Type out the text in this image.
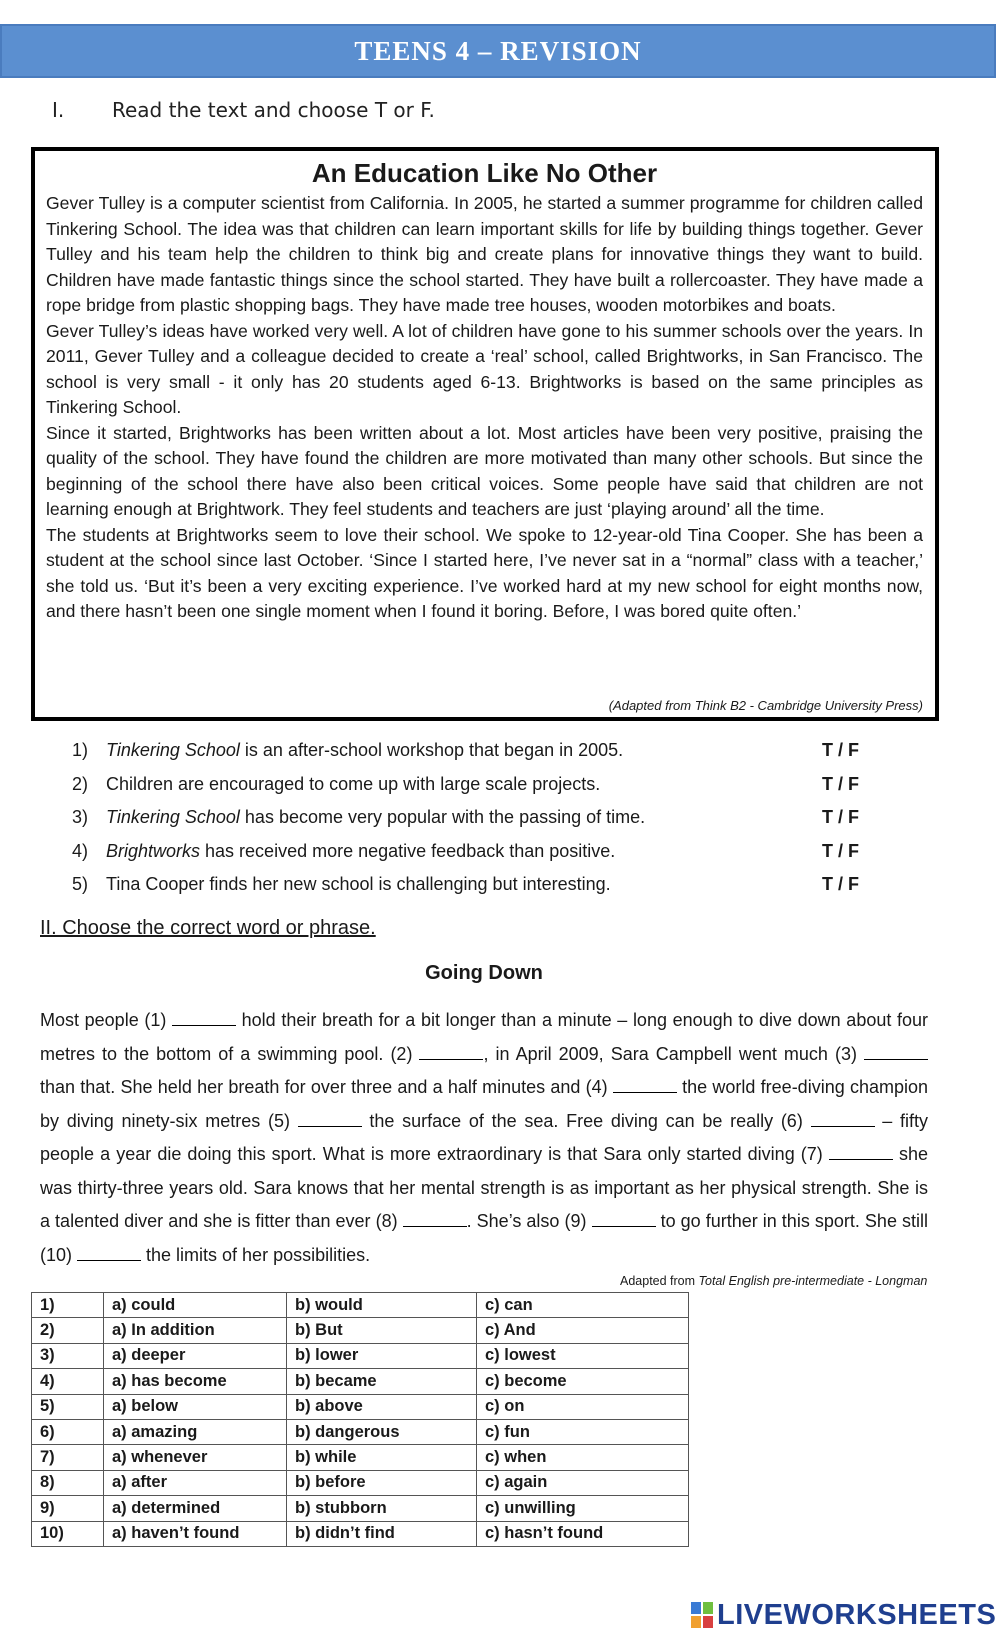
TEENS 4 – REVISION
I. Read the text and choose T or F.
An Education Like No Other

Gever Tulley is a computer scientist from California. In 2005, he started a summer programme for children called Tinkering School. The idea was that children can learn important skills for life by building things together. Gever Tulley and his team help the children to think big and create plans for innovative things they want to build. Children have made fantastic things since the school started. They have built a rollercoaster. They have made a rope bridge from plastic shopping bags. They have made tree houses, wooden motorbikes and boats.

Gever Tulley’s ideas have worked very well. A lot of children have gone to his summer schools over the years. In 2011, Gever Tulley and a colleague decided to create a ‘real’ school, called Brightworks, in San Francisco. The school is very small - it only has 20 students aged 6-13. Brightworks is based on the same principles as Tinkering School.

Since it started, Brightworks has been written about a lot. Most articles have been very positive, praising the quality of the school. They have found the children are more motivated than many other schools. But since the beginning of the school there have also been critical voices. Some people have said that children are not learning enough at Brightwork. They feel students and teachers are just ‘playing around’ all the time.

The students at Brightworks seem to love their school. We spoke to 12-year-old Tina Cooper. She has been a student at the school since last October. ‘Since I started here, I’ve never sat in a “normal” class with a teacher,’ she told us. ‘But it’s been a very exciting experience. I’ve worked hard at my new school for eight months now, and there hasn’t been one single moment when I found it boring. Before, I was bored quite often.’

(Adapted from Think B2 - Cambridge University Press)
1) Tinkering School is an after-school workshop that began in 2005.	T / F
2) Children are encouraged to come up with large scale projects.	T / F
3) Tinkering School has become very popular with the passing of time.	T / F
4) Brightworks has received more negative feedback than positive.	T / F
5) Tina Cooper finds her new school is challenging but interesting.	T / F
II. Choose the correct word or phrase.
Going Down

Most people (1)	hold their breath for a bit longer than a minute – long enough to dive down about four metres to the bottom of a swimming pool. (2)	, in April 2009, Sara Campbell went much (3)  than that. She held her breath for over three and a half minutes and (4)	the world free-diving champion by diving ninety-six metres (5)	the surface of the sea. Free diving can be really (6)	– fifty people a year die doing this sport. What is more extraordinary is that Sara only started diving (7)	she was thirty-three years old. Sara knows that her mental strength is as important as her physical strength. She is a talented diver and she is fitter than ever (8)	. She’s also (9)	to go further in this sport. She still (10)	the limits of her possibilities.

Adapted from Total English pre-intermediate - Longman
1)	a) could	b) would	c) can
2)	a) In addition	b) But	c) And
3)	a) deeper	b) lower	c) lowest
4)	a) has become	b) became	c) become
5)	a) below	b) above	c) on
6)	a) amazing	b) dangerous	c) fun
7)	a) whenever	b) while	c) when
8)	a) after	b) before	c) again
9)	a) determined	b) stubborn	c) unwilling
10)	a) haven’t found	b) didn’t find	c) hasn’t found
LIVEWORKSHEETS
